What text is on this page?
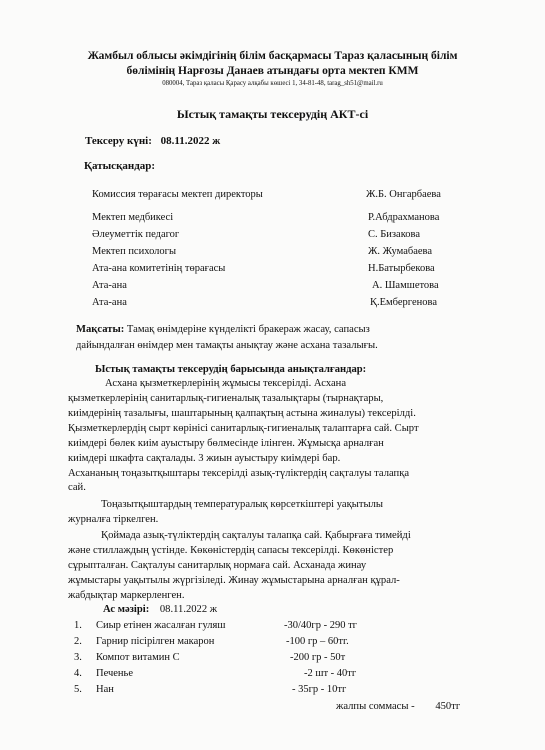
Жамбыл облысы әкімдігінің білім басқармасы Тараз қаласының білім
бөлімінің Нарғозы Данаев атындағы орта мектеп КММ
080004, Тараз қаласы Қарасу алқабы көшесі 1, 34-81-48, tarag_sh51@mail.ru
Ыстық тамақты тексерудің АКТ-сі
Тексеру күні: 08.11.2022 ж
Қатысқандар:
Комиссия төрағасы мектеп директоры	Ж.Б. Онгарбаева
Мектеп медбикесі	Р.Абдрахманова
Әлеуметтік педагог	С. Бизакова
Мектеп психологы	Ж. Жумабаева
Ата-ана комитетінің төрағасы	Н.Батырбекова
Ата-ана	А. Шамшетова
Ата-ана	Қ.Ембергенова
Мақсаты: Тамақ өнімдеріне күнделікті бракераж жасау, сапасыз
дайындалған өнімдер мен тамақты анықтау және асхана тазалығы.
Ыстық тамақты тексерудің барысында анықталғандар:
Асхана қызметкерлерінің жұмысы тексерілді. Асхана
қызметкерлерінің санитарлық-гигиеналық тазалықтары (тырнақтары,
киімдерінің тазалығы, шаштарының қалпақтың астына жиналуы) тексерілді.
Қызметкерлердің сырт көрінісі санитарлық-гигиеналық талаптарға сай. Сырт
киімдері бөлек киім ауыстыру бөлмесінде ілінген. Жұмысқа арналған
киімдері шкафта сақталады. 3 жиын ауыстыру киімдері бар.
Асхананың тоңазытқыштары тексерілді азық-түліктердің сақталуы талапқа
сай.
Тоңазытқыштардың температуралық көрсеткіштері уақытылы
журналға тіркелген.
Қоймада азық-түліктердің сақталуы талапқа сай. Қабырғаға тимейді
және стиллаждың үстінде. Көкөністердің сапасы тексерілді. Көкөністер
сұрыпталған. Сақталуы санитарлық нормаға сай. Асханада жинау
жұмыстары уақытылы жүргізіледі. Жинау жұмыстарына арналған құрал-
жабдықтар маркерленген.
Ас мәзірі: 08.11.2022 ж
1. Сиыр етінен жасалған гуляш	-30/40гр - 290 тг
2. Гарнир пісірілген макарон	-100 гр – 60тг.
3. Компот витамин С	-200 гр - 50т
4. Печенье	-2 шт - 40тг
5. Нан	- 35гр - 10тг
жалпы соммасы - 450тг
